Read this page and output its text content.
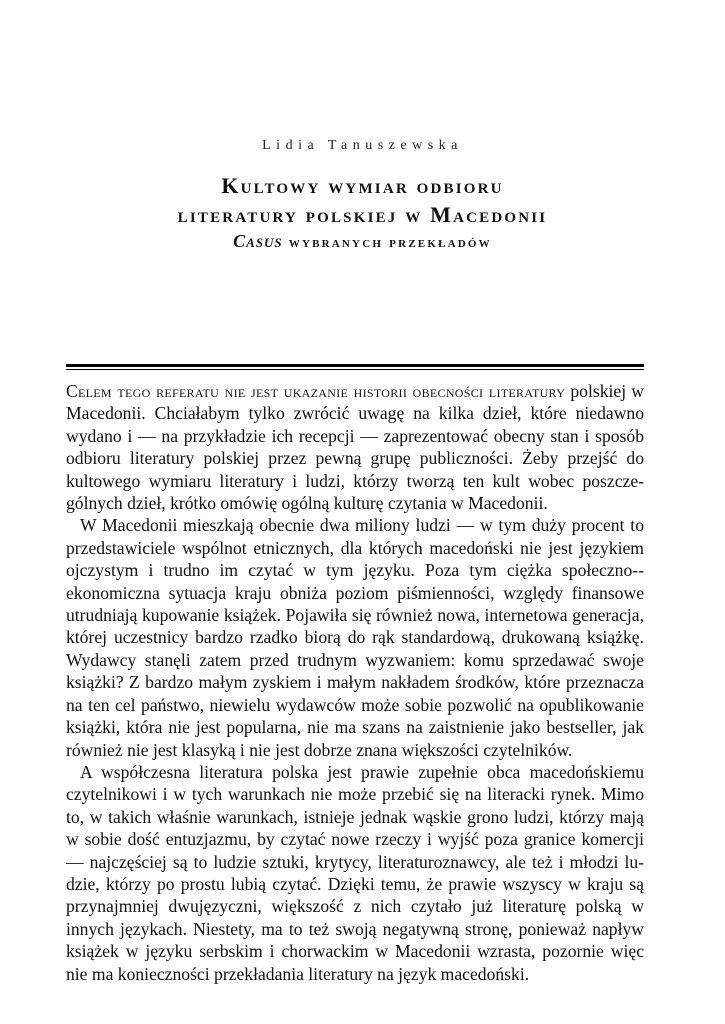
Lidia Tanuszewska
Kultowy wymiar odbioru
literatury polskiej w Macedonii
Casus wybranych przekładów

Celem tego referatu nie jest ukazanie historii obecności literatury polskiej w Macedonii. Chciałabym tylko zwrócić uwagę na kilka dzieł, które niedawno wydano i — na przykładzie ich recepcji — zaprezentować obecny stan i sposób odbioru literatury polskiej przez pewną grupę publiczności. Żeby przejść do kultowego wymiaru literatury i ludzi, którzy tworzą ten kult wobec poszczególnych dzieł, krótko omówię ogólną kulturę czytania w Macedonii.

W Macedonii mieszkają obecnie dwa miliony ludzi — w tym duży procent to przedstawiciele wspólnot etnicznych, dla których macedoński nie jest językiem ojczystym i trudno im czytać w tym języku. Poza tym ciężka społeczno-ekonomiczna sytuacja kraju obniża poziom piśmienności, względy finansowe utrudniają kupowanie książek. Pojawiła się również nowa, internetowa generacja, której uczestnicy bardzo rzadko biorą do rąk standardową, drukowaną książkę. Wydawcy stanęli zatem przed trudnym wyzwaniem: komu sprzedawać swoje książki? Z bardzo małym zyskiem i małym nakładem środków, które przeznacza na ten cel państwo, niewielu wydawców może sobie pozwolić na opublikowanie książki, która nie jest popularna, nie ma szans na zaistnienie jako bestseller, jak również nie jest klasyką i nie jest dobrze znana większości czytelników.

A współczesna literatura polska jest prawie zupełnie obca macedońskiemu czytelnikowi i w tych warunkach nie może przebić się na literacki rynek. Mimo to, w takich właśnie warunkach, istnieje jednak wąskie grono ludzi, którzy mają w sobie dość entuzjazmu, by czytać nowe rzeczy i wyjść poza granice komercji — najczęściej są to ludzie sztuki, krytycy, literaturoznawcy, ale też i młodzi ludzie, którzy po prostu lubią czytać. Dzięki temu, że prawie wszyscy w kraju są przynajmniej dwujęzyczni, większość z nich czytało już literaturę polską w innych językach. Niestety, ma to też swoją negatywną stronę, ponieważ napływ książek w języku serbskim i chorwackim w Macedonii wzrasta, pozornie więc nie ma konieczności przekładania literatury na język macedoński.
